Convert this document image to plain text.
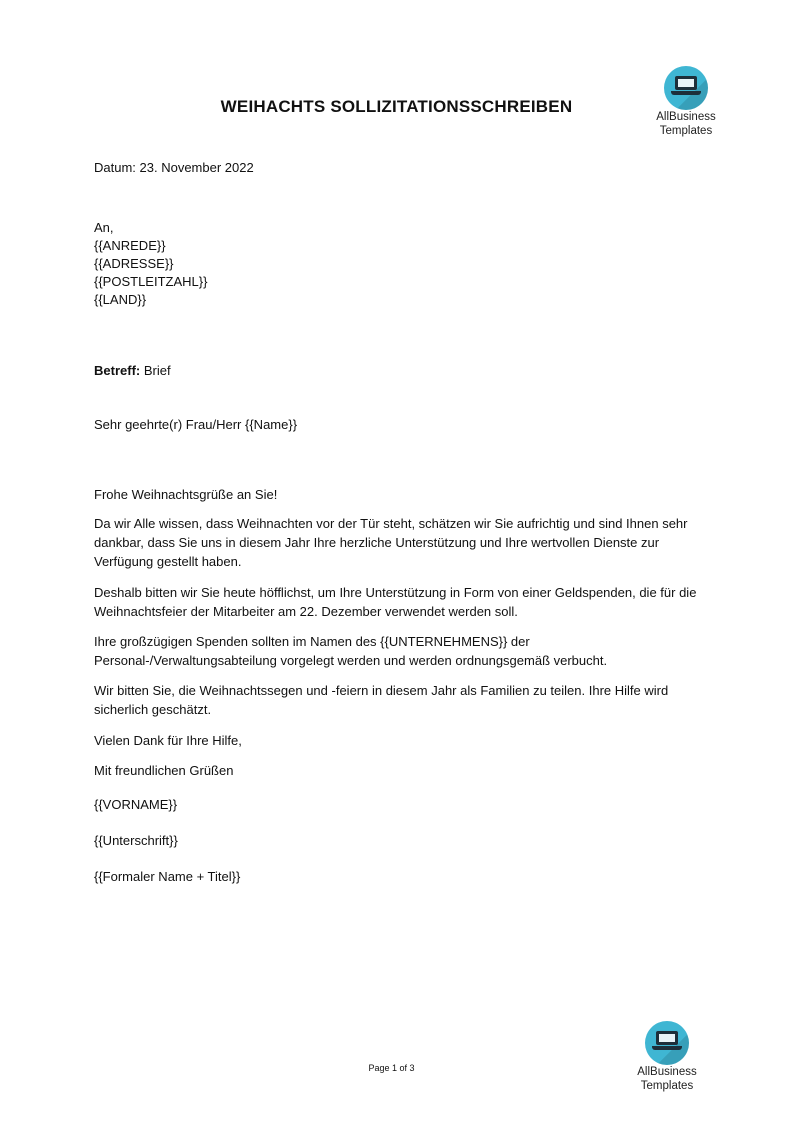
AllBusiness
Templates
WEIHACHTS SOLLIZITATIONSSCHREIBEN
Datum: 23. November 2022
An,
{{ANREDE}}
{{ADRESSE}}
{{POSTLEITZAHL}}
{{LAND}}
Betreff: Brief
Sehr geehrte(r) Frau/Herr {{Name}}
Frohe Weihnachtsgrüße an Sie!
Da wir Alle wissen, dass Weihnachten vor der Tür steht, schätzen wir Sie aufrichtig und sind Ihnen sehr dankbar, dass Sie uns in diesem Jahr Ihre herzliche Unterstützung und Ihre wertvollen Dienste zur Verfügung gestellt haben.
Deshalb bitten wir Sie heute höfflichst, um Ihre Unterstützung in Form von einer Geldspenden, die für die Weihnachtsfeier der Mitarbeiter am 22. Dezember verwendet werden soll.
Ihre großzügigen Spenden sollten im Namen des {{UNTERNEHMENS}} der Personal-/Verwaltungsabteilung vorgelegt werden und werden ordnungsgemäß verbucht.
Wir bitten Sie, die Weihnachtssegen und -feiern in diesem Jahr als Familien zu teilen. Ihre Hilfe wird sicherlich geschätzt.
Vielen Dank für Ihre Hilfe,
Mit freundlichen Grüßen
{{VORNAME}}
{{Unterschrift}}
{{Formaler Name + Titel}}
Page 1 of 3	AllBusiness
Templates
